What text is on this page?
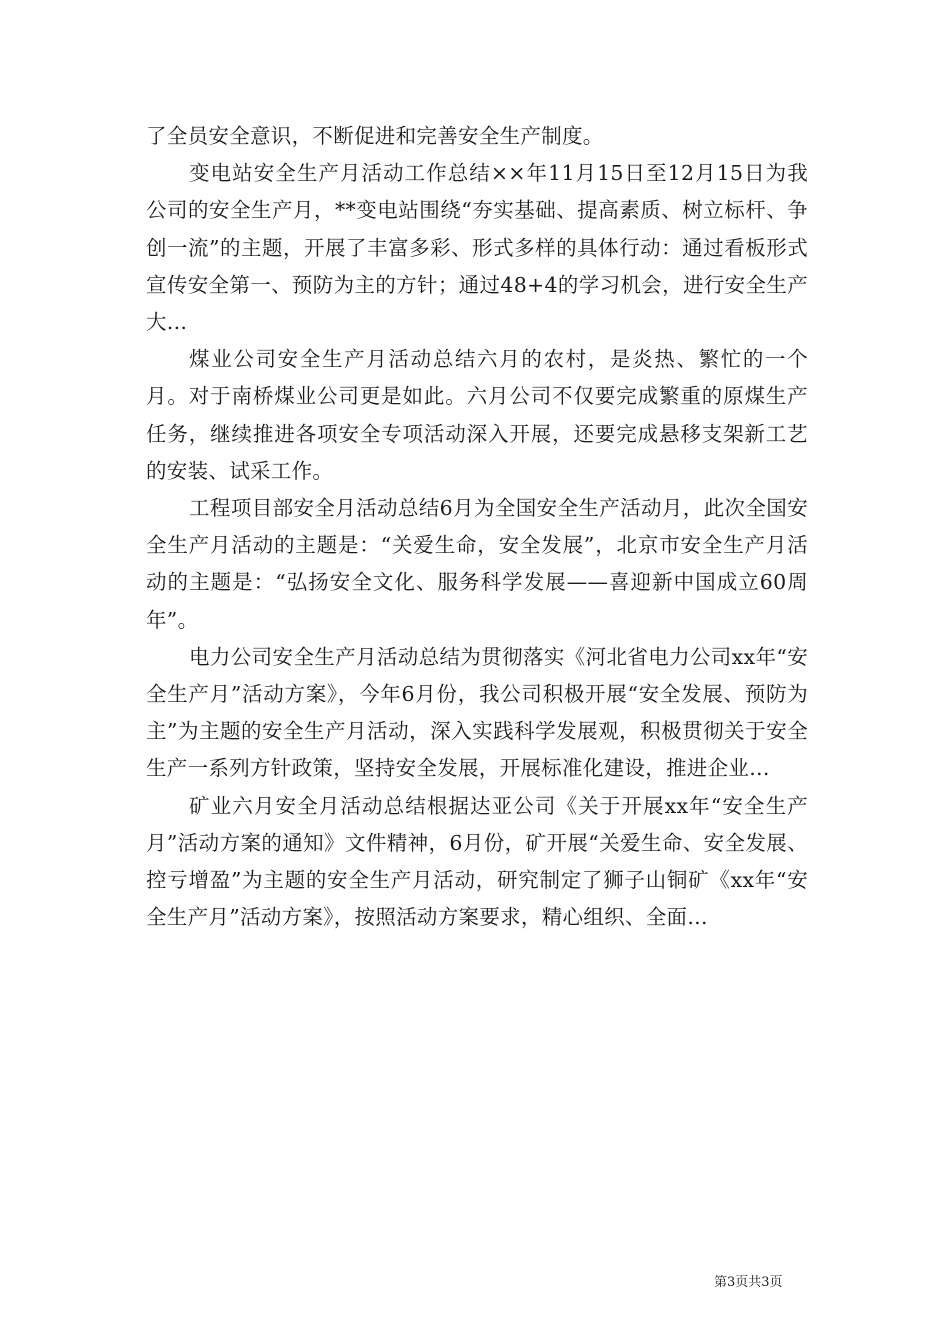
了全员安全意识，不断促进和完善安全生产制度。

变电站安全生产月活动工作总结××年11月15日至12月15日为我公司的安全生产月，**变电站围绕“夯实基础、提高素质、树立标杆、争创一流”的主题，开展了丰富多彩、形式多样的具体行动：通过看板形式宣传安全第一、预防为主的方针；通过48+4的学习机会，进行安全生产大...

煤业公司安全生产月活动总结六月的农村，是炎热、繁忙的一个月。对于南桥煤业公司更是如此。六月公司不仅要完成繁重的原煤生产任务，继续推进各项安全专项活动深入开展，还要完成悬移支架新工艺的安装、试采工作。

工程项目部安全月活动总结6月为全国安全生产活动月，此次全国安全生产月活动的主题是：“关爱生命，安全发展”，北京市安全生产月活动的主题是：“弘扬安全文化、服务科学发展——喜迎新中国成立60周年”。

电力公司安全生产月活动总结为贯彻落实《河北省电力公司xx年“安全生产月”活动方案》，今年6月份，我公司积极开展“安全发展、预防为主”为主题的安全生产月活动，深入实践科学发展观，积极贯彻关于安全生产一系列方针政策，坚持安全发展，开展标准化建设，推进企业...

矿业六月安全月活动总结根据达亚公司《关于开展xx年“安全生产月”活动方案的通知》文件精神，6月份，矿开展“关爱生命、安全发展、控亏增盈”为主题的安全生产月活动，研究制定了狮子山铜矿《xx年“安全生产月”活动方案》，按照活动方案要求，精心组织、全面...

第3页共3页
